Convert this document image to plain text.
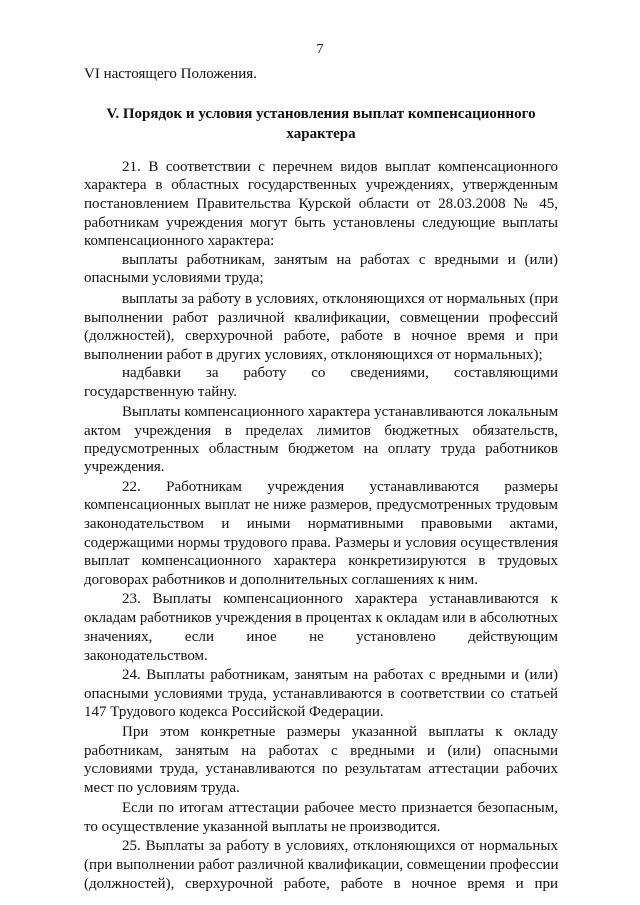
7
VI настоящего Положения.
V. Порядок и условия установления выплат компенсационного
характера
21. В соответствии с перечнем видов выплат компенсационного
характера в областных государственных учреждениях, утвержденным
постановлением Правительства Курской области от 28.03.2008 № 45,
работникам учреждения могут быть установлены следующие выплаты
компенсационного характера:
выплаты работникам, занятым на работах с вредными и (или)
опасными условиями труда;
выплаты за работу в условиях, отклоняющихся от нормальных (при
выполнении работ различной квалификации, совмещении профессий
(должностей), сверхурочной работе, работе в ночное время и при
выполнении работ в других условиях, отклоняющихся от нормальных);
надбавки за работу со сведениями, составляющими
государственную тайну.
Выплаты компенсационного характера устанавливаются локальным
актом учреждения в пределах лимитов бюджетных обязательств,
предусмотренных областным бюджетом на оплату труда работников
учреждения.
22. Работникам учреждения устанавливаются размеры
компенсационных выплат не ниже размеров, предусмотренных трудовым
законодательством и иными нормативными правовыми актами,
содержащими нормы трудового права. Размеры и условия осуществления
выплат компенсационного характера конкретизируются в трудовых
договорах работников и дополнительных соглашениях к ним.
23. Выплаты компенсационного характера устанавливаются к
окладам работников учреждения в процентах к окладам или в абсолютных
значениях, если иное не установлено действующим
законодательством.
24. Выплаты работникам, занятым на работах с вредными и (или)
опасными условиями труда, устанавливаются в соответствии со статьей
147 Трудового кодекса Российской Федерации.
При этом конкретные размеры указанной выплаты к окладу
работникам, занятым на работах с вредными и (или) опасными
условиями труда, устанавливаются по результатам аттестации рабочих
мест по условиям труда.
Если по итогам аттестации рабочее место признается безопасным,
то осуществление указанной выплаты не производится.
25. Выплаты за работу в условиях, отклоняющихся от нормальных
(при выполнении работ различной квалификации, совмещении профессии
(должностей), сверхурочной работе, работе в ночное время и при
